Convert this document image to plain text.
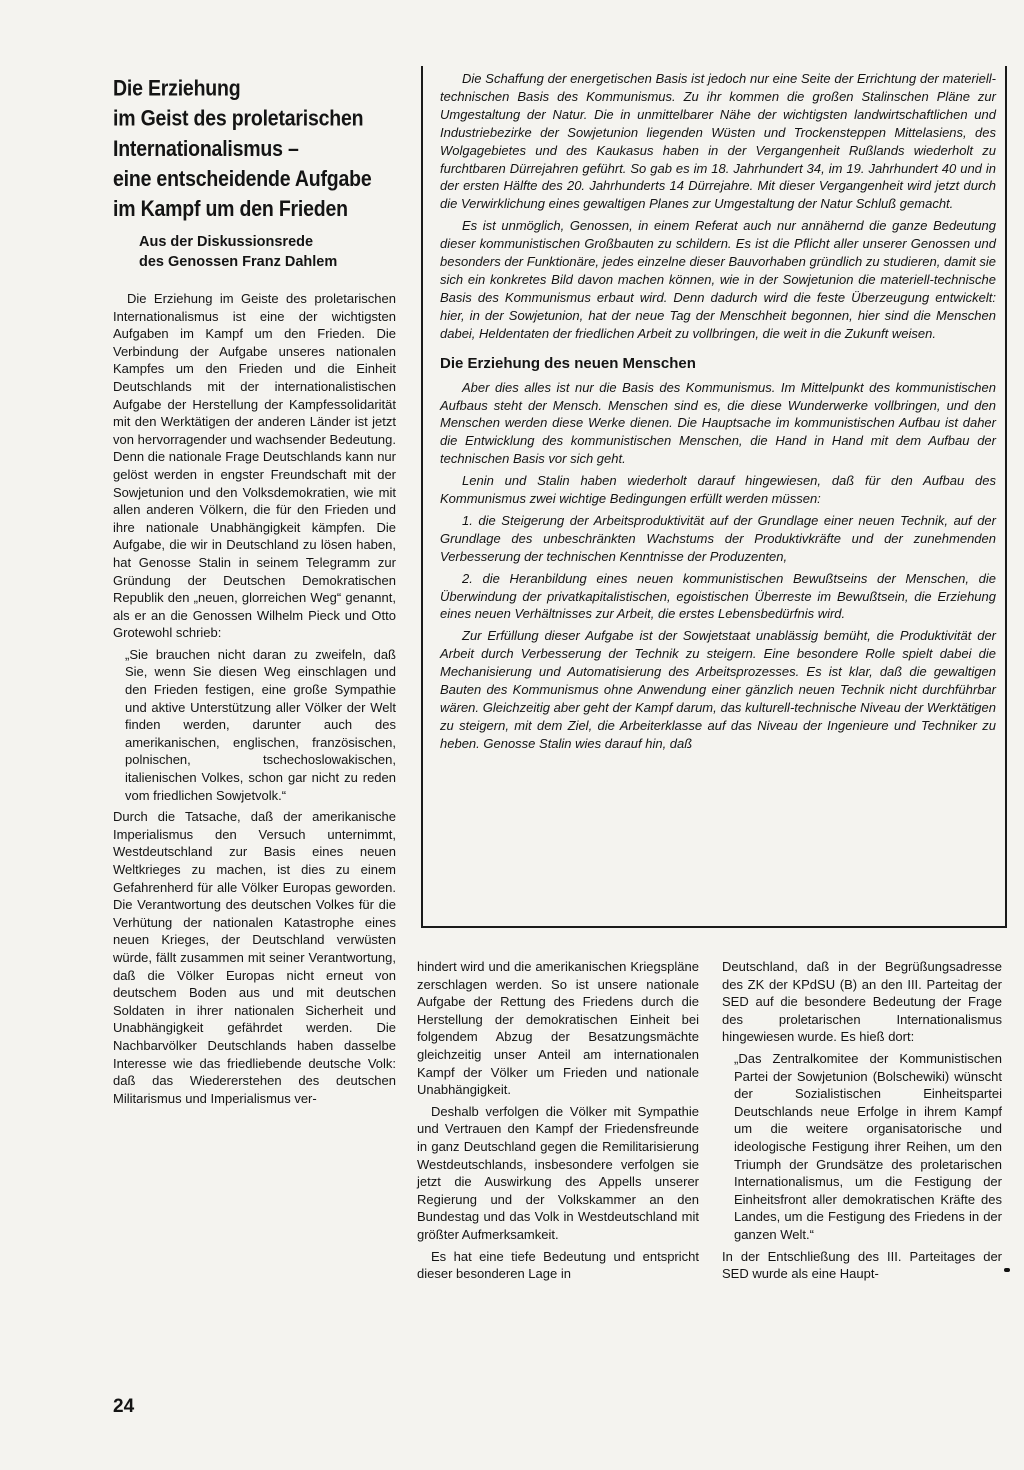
Die Erziehung
im Geist des proletarischen
Internationalismus –
eine entscheidende Aufgabe
im Kampf um den Frieden
Aus der Diskussionsrede
des Genossen Franz Dahlem

Die Erziehung im Geiste des proletarischen Internationalismus ist eine der wichtigsten Aufgaben im Kampf um den Frieden. Die Verbindung der Aufgabe unseres nationalen Kampfes um den Frieden und die Einheit Deutschlands mit der internationalistischen Aufgabe der Herstellung der Kampfessolidarität mit den Werktätigen der anderen Länder ist jetzt von hervorragender und wachsender Bedeutung. Denn die nationale Frage Deutschlands kann nur gelöst werden in engster Freundschaft mit der Sowjetunion und den Volksdemokratien, wie mit allen anderen Völkern, die für den Frieden und ihre nationale Unabhängigkeit kämpfen. Die Aufgabe, die wir in Deutschland zu lösen haben, hat Genosse Stalin in seinem Telegramm zur Gründung der Deutschen Demokratischen Republik den „neuen, glorreichen Weg“ genannt, als er an die Genossen Wilhelm Pieck und Otto Grotewohl schrieb:

„Sie brauchen nicht daran zu zweifeln, daß Sie, wenn Sie diesen Weg einschlagen und den Frieden festigen, eine große Sympathie und aktive Unterstützung aller Völker der Welt finden werden, darunter auch des amerikanischen, englischen, französischen, polnischen, tschechoslowakischen, italienischen Volkes, schon gar nicht zu reden vom friedlichen Sowjetvolk.“

Durch die Tatsache, daß der amerikanische Imperialismus den Versuch unternimmt, Westdeutschland zur Basis eines neuen Weltkrieges zu machen, ist dies zu einem Gefahrenherd für alle Völker Europas geworden. Die Verantwortung des deutschen Volkes für die Verhütung der nationalen Katastrophe eines neuen Krieges, der Deutschland verwüsten würde, fällt zusammen mit seiner Verantwortung, daß die Völker Europas nicht erneut von deutschem Boden aus und mit deutschen Soldaten in ihrer nationalen Sicherheit und Unabhängigkeit gefährdet werden. Die Nachbarvölker Deutschlands haben dasselbe Interesse wie das friedliebende deutsche Volk: daß das Wiedererstehen des deutschen Militarismus und Imperialismus ver-

Die Schaffung der energetischen Basis ist jedoch nur eine Seite der Errichtung der materiell-technischen Basis des Kommunismus. Zu ihr kommen die großen Stalinschen Pläne zur Umgestaltung der Natur. Die in unmittelbarer Nähe der wichtigsten landwirtschaftlichen und Industriebezirke der Sowjetunion liegenden Wüsten und Trockensteppen Mittelasiens, des Wolgagebietes und des Kaukasus haben in der Vergangenheit Rußlands wiederholt zu furchtbaren Dürrejahren geführt. So gab es im 18. Jahrhundert 34, im 19. Jahrhundert 40 und in der ersten Hälfte des 20. Jahrhunderts 14 Dürrejahre. Mit dieser Vergangenheit wird jetzt durch die Verwirklichung eines gewaltigen Planes zur Umgestaltung der Natur Schluß gemacht.

Es ist unmöglich, Genossen, in einem Referat auch nur annähernd die ganze Bedeutung dieser kommunistischen Großbauten zu schildern. Es ist die Pflicht aller unserer Genossen und besonders der Funktionäre, jedes einzelne dieser Bauvorhaben gründlich zu studieren, damit sie sich ein konkretes Bild davon machen können, wie in der Sowjetunion die materiell-technische Basis des Kommunismus erbaut wird. Denn dadurch wird die feste Überzeugung entwickelt: hier, in der Sowjetunion, hat der neue Tag der Menschheit begonnen, hier sind die Menschen dabei, Heldentaten der friedlichen Arbeit zu vollbringen, die weit in die Zukunft weisen.

Die Erziehung des neuen Menschen

Aber dies alles ist nur die Basis des Kommunismus. Im Mittelpunkt des kommunistischen Aufbaus steht der Mensch. Menschen sind es, die diese Wunderwerke vollbringen, und den Menschen werden diese Werke dienen. Die Hauptsache im kommunistischen Aufbau ist daher die Entwicklung des kommunistischen Menschen, die Hand in Hand mit dem Aufbau der technischen Basis vor sich geht.

Lenin und Stalin haben wiederholt darauf hingewiesen, daß für den Aufbau des Kommunismus zwei wichtige Bedingungen erfüllt werden müssen:

1. die Steigerung der Arbeitsproduktivität auf der Grundlage einer neuen Technik, auf der Grundlage des unbeschränkten Wachstums der Produktivkräfte und der zunehmenden Verbesserung der technischen Kenntnisse der Produzenten,

2. die Heranbildung eines neuen kommunistischen Bewußtseins der Menschen, die Überwindung der privatkapitalistischen, egoistischen Überreste im Bewußtsein, die Erziehung eines neuen Verhältnisses zur Arbeit, die erstes Lebensbedürfnis wird.

Zur Erfüllung dieser Aufgabe ist der Sowjetstaat unablässig bemüht, die Produktivität der Arbeit durch Verbesserung der Technik zu steigern. Eine besondere Rolle spielt dabei die Mechanisierung und Automatisierung des Arbeitsprozesses. Es ist klar, daß die gewaltigen Bauten des Kommunismus ohne Anwendung einer gänzlich neuen Technik nicht durchführbar wären. Gleichzeitig aber geht der Kampf darum, das kulturell-technische Niveau der Werktätigen zu steigern, mit dem Ziel, die Arbeiterklasse auf das Niveau der Ingenieure und Techniker zu heben. Genosse Stalin wies darauf hin, daß

hindert wird und die amerikanischen Kriegspläne zerschlagen werden. So ist unsere nationale Aufgabe der Rettung des Friedens durch die Herstellung der demokratischen Einheit bei folgendem Abzug der Besatzungsmächte gleichzeitig unser Anteil am internationalen Kampf der Völker um Frieden und nationale Unabhängigkeit.

Deshalb verfolgen die Völker mit Sympathie und Vertrauen den Kampf der Friedensfreunde in ganz Deutschland gegen die Remilitarisierung Westdeutschlands, insbesondere verfolgen sie jetzt die Auswirkung des Appells unserer Regierung und der Volkskammer an den Bundestag und das Volk in Westdeutschland mit größter Aufmerksamkeit.

Es hat eine tiefe Bedeutung und entspricht dieser besonderen Lage in

Deutschland, daß in der Begrüßungsadresse des ZK der KPdSU (B) an den III. Parteitag der SED auf die besondere Bedeutung der Frage des proletarischen Internationalismus hingewiesen wurde. Es hieß dort:

„Das Zentralkomitee der Kommunistischen Partei der Sowjetunion (Bolschewiki) wünscht der Sozialistischen Einheitspartei Deutschlands neue Erfolge in ihrem Kampf um die weitere organisatorische und ideologische Festigung ihrer Reihen, um den Triumph der Grundsätze des proletarischen Internationalismus, um die Festigung der Einheitsfront aller demokratischen Kräfte des Landes, um die Festigung des Friedens in der ganzen Welt.“

In der Entschließung des III. Parteitages der SED wurde als eine Haupt-

24
